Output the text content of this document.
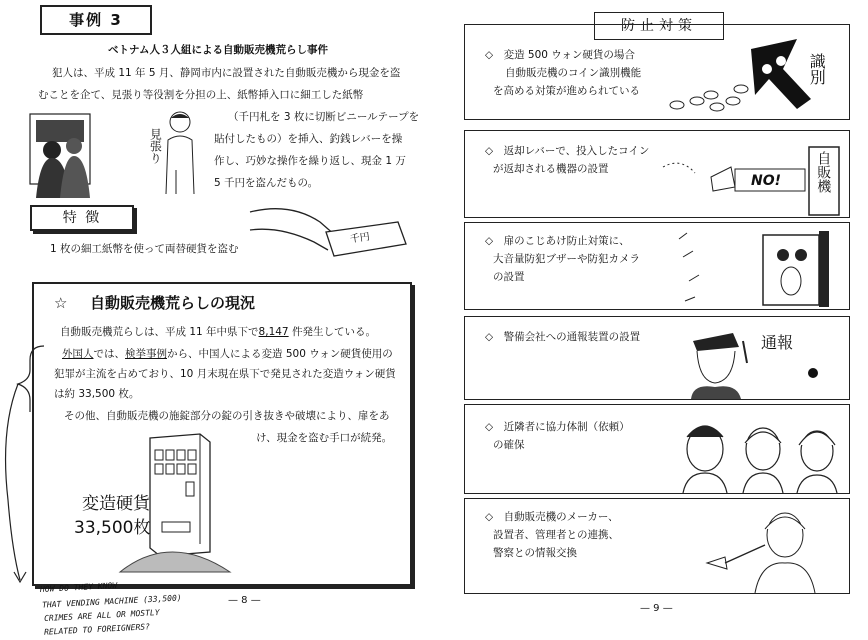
事例 3
ベトナム人３人組による自動販売機荒らし事件
犯人は、平成 11 年 5 月、静岡市内に設置された自動販売機から現金を盗
むことを企て、見張り等役割を分担の上、紙幣挿入口に細工した紙幣
（千円札を 3 枚に切断ビニールテープを
貼付したもの）を挿入、釣銭レバーを操
作し、巧妙な操作を繰り返し、現金 1 万
5 千円を盗んだもの。
見張り
特 徴
1 枚の細工紙幣を使って両替硬貨を盗む
千円
☆ 自動販売機荒らしの現況
自動販売機荒らしは、平成 11 年中県下で8,147 件発生している。
外国人では、検挙事例から、中国人による変造 500 ウォン硬貨使用の
犯罪が主流を占めており、10 月末現在県下で発見された変造ウォン硬貨
は約 33,500 枚。
その他、自動販売機の施錠部分の錠の引き抜きや破壊により、扉をあ
け、現金を盗む手口が続発。
変造硬貨
33,500枚
— 8 —
HOW DO THEY KNOW
THAT VENDING MACHINE (33,500)
CRIMES ARE ALL OR MOSTLY
RELATED TO FOREIGNERS?
防止対策
◇　 変造 500 ウォン硬貨の場合
自動販売機のコイン識別機能
を高める対策が進められている
識別
◇　 返却レバーで、投入したコイン
が返却される機器の設置
NO! 自販機
◇　 扉のこじあけ防止対策に、
大音量防犯ブザーや防犯カメラ
の設置
◇　 警備会社への通報装置の設置	通報
◇　 近隣者に協力体制（依頼）
の確保
◇　 自動販売機のメーカー、
設置者、管理者との連携、
警察との情報交換
— 9 —
